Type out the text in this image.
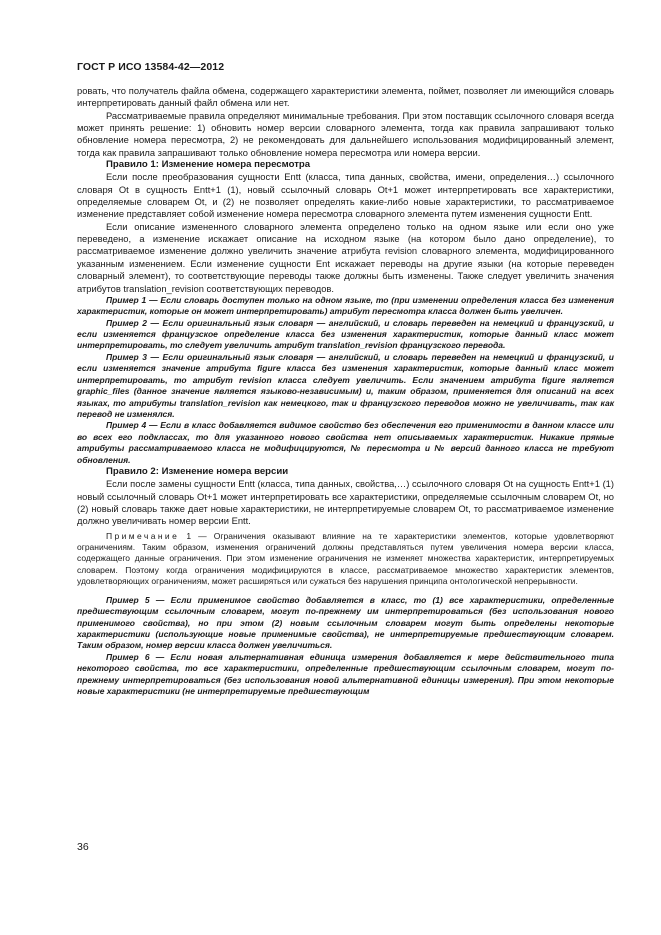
ГОСТ Р ИСО 13584-42—2012

ровать, что получатель файла обмена, содержащего характеристики элемента, поймет, позволяет ли имеющийся словарь интерпретировать данный файл обмена или нет.

Рассматриваемые правила определяют минимальные требования. При этом поставщик ссылочного словаря всегда может принять решение: 1) обновить номер версии словарного элемента, тогда как правила запрашивают только обновление номера пересмотра, 2) не рекомендовать для дальнейшего использования модифицированный элемент, тогда как правила запрашивают только обновление номера пересмотра или номера версии.

Правило 1: Изменение номера пересмотра

Если после преобразования сущности Entt (класса, типа данных, свойства, имени, определения…) ссылочного словаря Ot в сущность Entt+1 (1), новый ссылочный словарь Ot+1 может интерпретировать все характеристики, определяемые словарем Ot, и (2) не позволяет определять какие-либо новые характеристики, то рассматриваемое изменение представляет собой изменение номера пересмотра словарного элемента путем изменения сущности Entt.

Если описание измененного словарного элемента определено только на одном языке или если оно уже переведено, а изменение искажает описание на исходном языке (на котором было дано определение), то рассматриваемое изменение должно увеличить значение атрибута revision словарного элемента, модифицированного указанным изменением. Если изменение сущности Ent искажает переводы на другие языки (на которые переведен словарный элемент), то соответствующие переводы также должны быть изменены. Также следует увеличить значения атрибутов translation_revision соответствующих переводов.

Пример 1 — Если словарь доступен только на одном языке, то (при изменении определения класса без изменения характеристик, которые он может интерпретировать) атрибут пересмотра класса должен быть увеличен.

Пример 2 — Если оригинальный язык словаря — английский, и словарь переведен на немецкий и французский, и если изменяется французское определение класса без изменения характеристик, которые данный класс может интерпретировать, то следует увеличить атрибут translation_revision французского перевода.

Пример 3 — Если оригинальный язык словаря — английский, и словарь переведен на немецкий и французский, и если изменяется значение атрибута figure класса без изменения характеристик, которые данный класс может интерпретировать, то атрибут revision класса следует увеличить. Если значением атрибута figure является graphic_files (данное значение является языково-независимым) и, таким образом, применяется для описаний на всех языках, то атрибуты translation_revision как немецкого, так и французского переводов можно не увеличивать, так как перевод не изменялся.

Пример 4 — Если в класс добавляется видимое свойство без обеспечения его применимости в данном классе или во всех его подклассах, то для указанного нового свойства нет описываемых характеристик. Никакие прямые атрибуты рассматриваемого класса не модифицируются, № пересмотра и № версий данного класса не требуют обновления.

Правило 2: Изменение номера версии

Если после замены сущности Entt (класса, типа данных, свойства,…) ссылочного словаря Ot на сущность Entt+1 (1) новый ссылочный словарь Ot+1 может интерпретировать все характеристики, определяемые ссылочным словарем Ot, но (2) новый словарь также дает новые характеристики, не интерпретируемые словарем Ot, то рассматриваемое изменение должно увеличивать номер версии Entt.

Примечание 1 — Ограничения оказывают влияние на те характеристики элементов, которые удовлетворяют ограничениям. Таким образом, изменения ограничений должны представляться путем увеличения номера версии класса, содержащего данные ограничения. При этом изменение ограничения не изменяет множества характеристик, интерпретируемых словарем. Поэтому когда ограничения модифицируются в классе, рассматриваемое множество характеристик элементов, удовлетворяющих ограничениям, может расширяться или сужаться без нарушения принципа онтологической непрерывности.

Пример 5 — Если применимое свойство добавляется в класс, то (1) все характеристики, определенные предшествующим ссылочным словарем, могут по-прежнему им интерпретироваться (без использования нового применимого свойства), но при этом (2) новым ссылочным словарем могут быть определены некоторые характеристики (использующие новые применимые свойства), не интерпретируемые предшествующим словарем. Таким образом, номер версии класса должен увеличиться.

Пример 6 — Если новая альтернативная единица измерения добавляется к мере действительного типа некоторого свойства, то все характеристики, определенные предшествующим ссылочным словарем, могут по-прежнему интерпретироваться (без использования новой альтернативной единицы измерения). При этом некоторые новые характеристики (не интерпретируемые предшествующим

36
